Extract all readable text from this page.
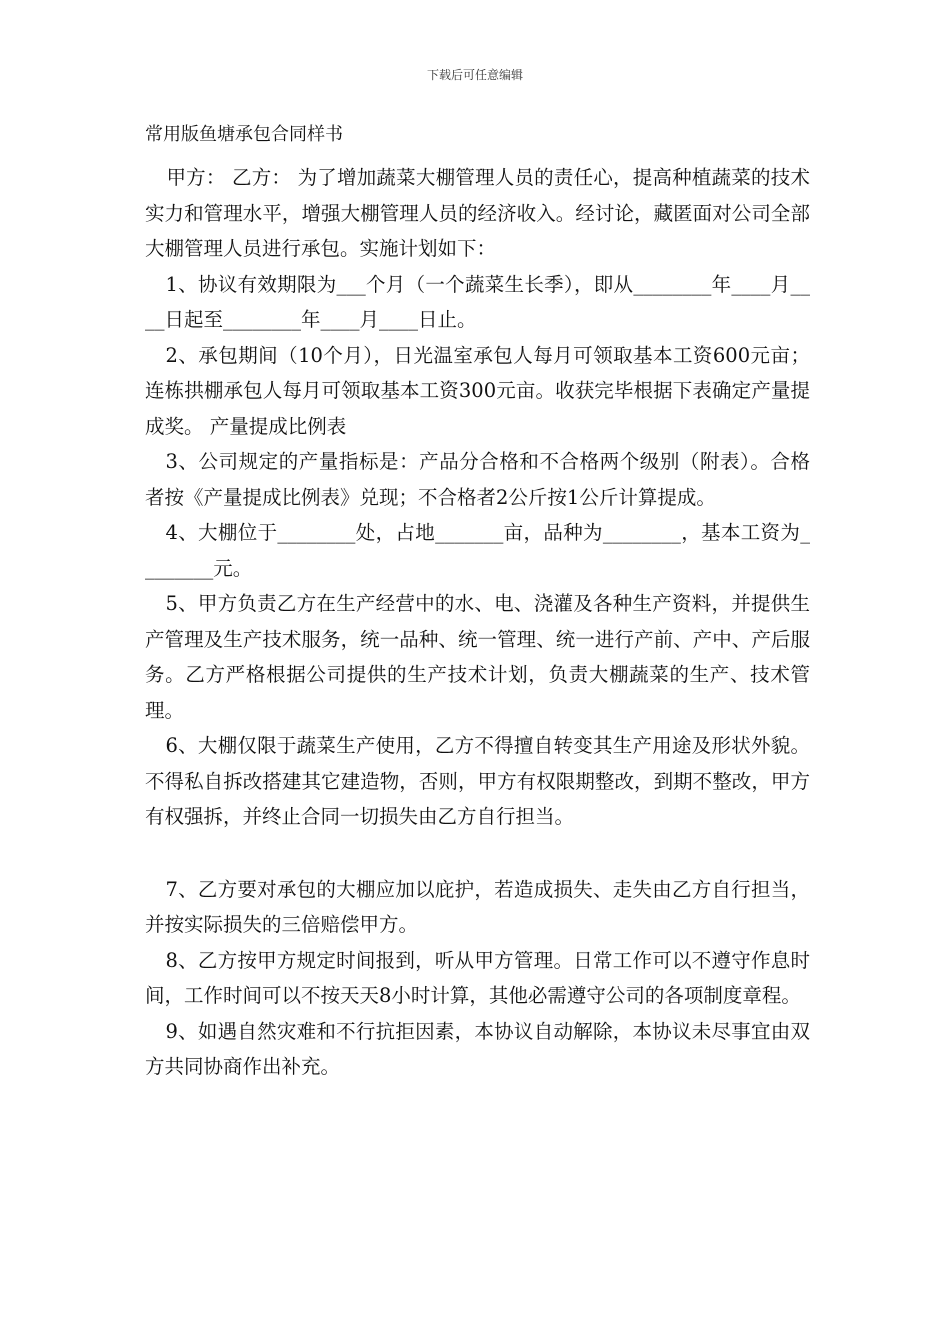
下载后可任意编辑
常用版鱼塘承包合同样书

甲方： 乙方： 为了增加蔬菜大棚管理人员的责任心，提高种植蔬菜的技术实力和管理水平，增强大棚管理人员的经济收入。经讨论，藏匿面对公司全部大棚管理人员进行承包。实施计划如下：

1、协议有效期限为___个月（一个蔬菜生长季），即从________年____月____日起至________年____月____日止。

2、承包期间（10个月），日光温室承包人每月可领取基本工资600元亩；连栋拱棚承包人每月可领取基本工资300元亩。收获完毕根据下表确定产量提成奖。 产量提成比例表

3、公司规定的产量指标是：产品分合格和不合格两个级别（附表）。合格者按《产量提成比例表》兑现；不合格者2公斤按1公斤计算提成。

4、大棚位于________处，占地_______亩，品种为________，基本工资为________元。

5、甲方负责乙方在生产经营中的水、电、浇灌及各种生产资料，并提供生产管理及生产技术服务，统一品种、统一管理、统一进行产前、产中、产后服务。乙方严格根据公司提供的生产技术计划，负责大棚蔬菜的生产、技术管理。

6、大棚仅限于蔬菜生产使用，乙方不得擅自转变其生产用途及形状外貌。不得私自拆改搭建其它建造物，否则，甲方有权限期整改，到期不整改，甲方有权强拆，并终止合同一切损失由乙方自行担当。

7、乙方要对承包的大棚应加以庇护，若造成损失、走失由乙方自行担当，并按实际损失的三倍赔偿甲方。

8、乙方按甲方规定时间报到，听从甲方管理。日常工作可以不遵守作息时间，工作时间可以不按天天8小时计算，其他必需遵守公司的各项制度章程。

9、如遇自然灾难和不行抗拒因素，本协议自动解除，本协议未尽事宜由双方共同协商作出补充。
